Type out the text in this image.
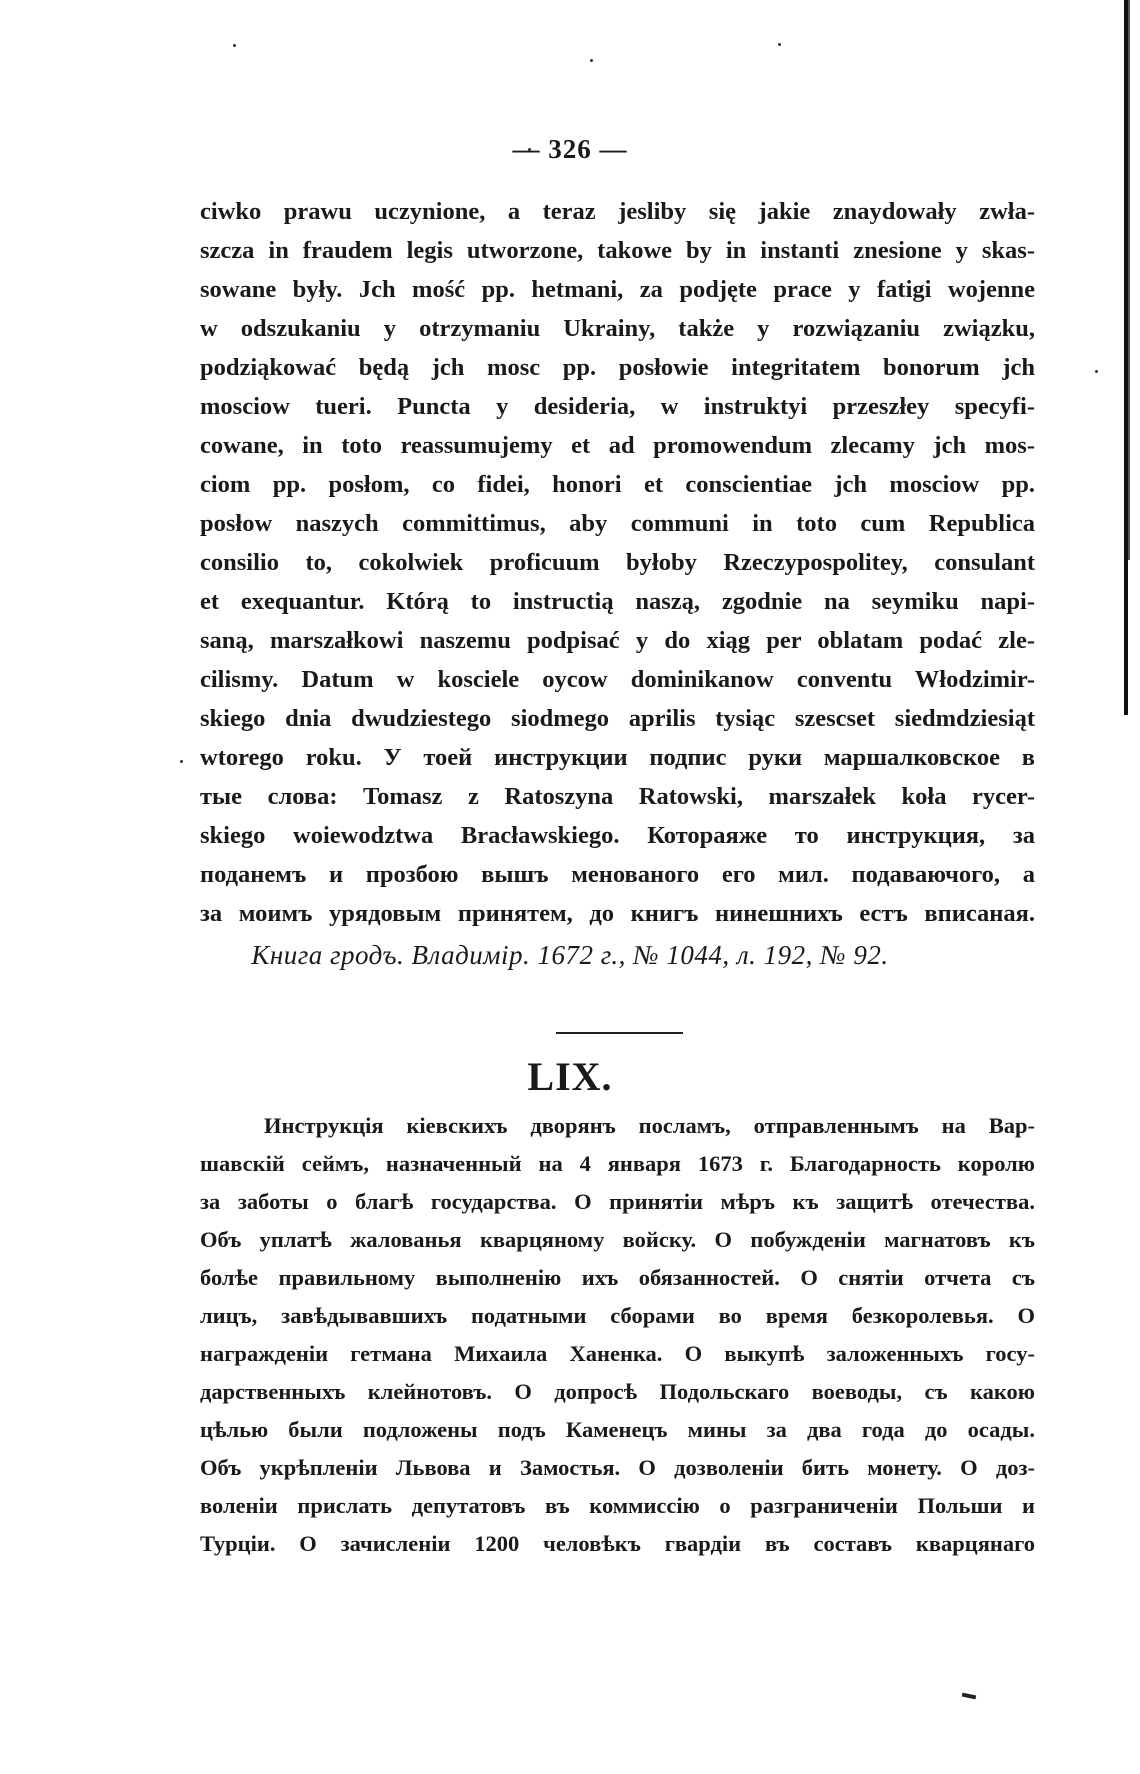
— 326 —
ciwko prawu uczynione, a teraz jesliby się jakie znaydowały zwła-
szcza in fraudem legis utworzone, takowe by in instanti znesione y skas-
sowane były. Jch mość pp. hetmani, za podjęte prace y fatigi wojenne
w odszukaniu y otrzymaniu Ukrainy, także y rozwiązaniu związku,
podziąkować będą jch mosc pp. posłowie integritatem bonorum jch
mosciow tueri. Puncta y desideria, w instruktyi przeszłey specyfi-
cowane, in toto reassumujemy et ad promowendum zlecamy jch mos-
ciom pp. posłom, co fidei, honori et conscientiae jch mosciow pp.
posłow naszych committimus, aby communi in toto cum Republica
consilio to, cokolwiek proficuum byłoby Rzeczypospolitey, consulant
et exequantur. Którą to instructią naszą, zgodnie na seymiku napi-
saną, marszałkowi naszemu podpisać y do xiąg per oblatam podać zle-
cilismy. Datum w kosciele oycow dominikanow conventu Włodzimir-
skiego dnia dwudziestego siodmego aprilis tysiąc szescset siedmdziesiąt
wtorego roku. У тоей инструкции подпис руки маршалковское в
тые слова: Tomasz z Ratoszyna Ratowski, marszałek koła rycer-
skiego woiewodztwa Bracławskiego. Котораяже то инструкция, за
поданемъ и прозбою вышъ менованого его мил. подаваючого, а
за моимъ урядовым принятем, до книгъ нинешнихъ естъ вписаная.
Книга гродъ. Владимір. 1672 г., № 1044, л. 192, № 92.
LIX.
Инструкція кіевскихъ дворянъ посламъ, отправленнымъ на Вар-
шавскій сеймъ, назначенный на 4 января 1673 г. Благодарность королю
за заботы о благѣ государства. О принятіи мѣръ къ защитѣ отечества.
Объ уплатѣ жалованья кварцяному войску. О побужденіи магнатовъ къ
болѣе правильному выполненію ихъ обязанностей. О снятіи отчета съ
лицъ, завѣдывавшихъ податными сборами во время безкоролевья. О
награжденіи гетмана Михаила Ханенка. О выкупѣ заложенныхъ госу-
дарственныхъ клейнотовъ. О допросѣ Подольскаго воеводы, съ какою
цѣлью были подложены подъ Каменецъ мины за два года до осады.
Объ укрѣпленіи Львова и Замостья. О дозволеніи бить монету. О доз-
воленіи прислать депутатовъ въ коммиссію о разграниченіи Польши и
Турціи. О зачисленіи 1200 человѣкъ гвардіи въ составъ кварцянаго
